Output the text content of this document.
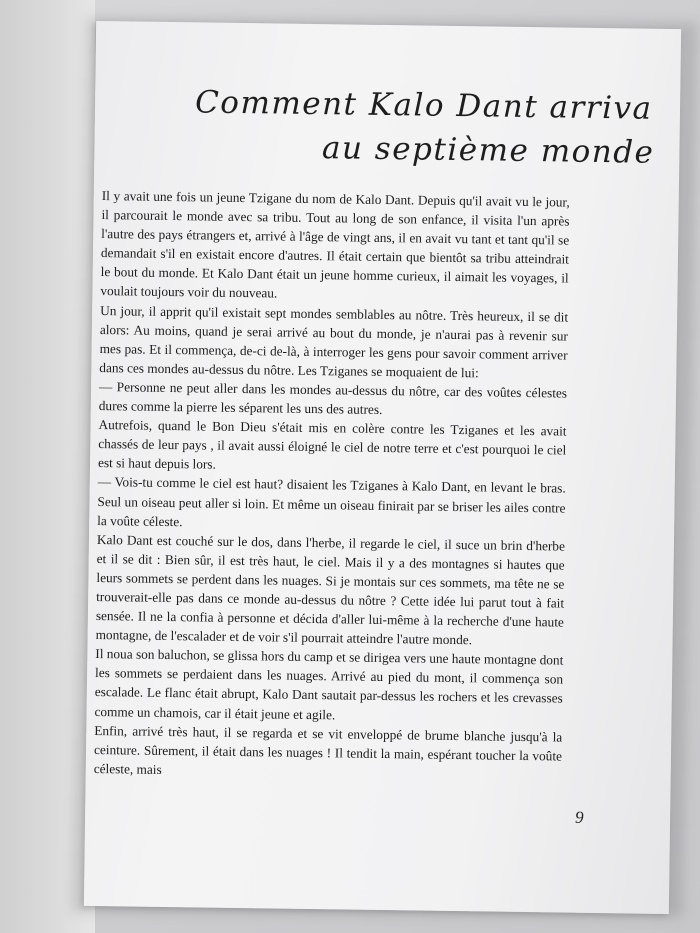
Comment Kalo Dant arriva
au septième monde

Il y avait une fois un jeune Tzigane du nom de Kalo Dant. Depuis qu'il avait vu le jour, il parcourait le monde avec sa tribu. Tout au long de son enfance, il visita l'un après l'autre des pays étrangers et, arrivé à l'âge de vingt ans, il en avait vu tant et tant qu'il se demandait s'il en existait encore d'autres. Il était certain que bientôt sa tribu atteindrait le bout du monde. Et Kalo Dant était un jeune homme curieux, il aimait les voyages, il voulait toujours voir du nouveau.

Un jour, il apprit qu'il existait sept mondes semblables au nôtre. Très heureux, il se dit alors: Au moins, quand je serai arrivé au bout du monde, je n'aurai pas à revenir sur mes pas. Et il commença, de-ci de-là, à interroger les gens pour savoir comment arriver dans ces mondes au-dessus du nôtre. Les Tziganes se moquaient de lui:

— Personne ne peut aller dans les mondes au-dessus du nôtre, car des voûtes célestes dures comme la pierre les séparent les uns des autres.

Autrefois, quand le Bon Dieu s'était mis en colère contre les Tziganes et les avait chassés de leur pays , il avait aussi éloigné le ciel de notre terre et c'est pourquoi le ciel est si haut depuis lors.

— Vois-tu comme le ciel est haut? disaient les Tziganes à Kalo Dant, en levant le bras. Seul un oiseau peut aller si loin. Et même un oiseau finirait par se briser les ailes contre la voûte céleste.

Kalo Dant est couché sur le dos, dans l'herbe, il regarde le ciel, il suce un brin d'herbe et il se dit : Bien sûr, il est très haut, le ciel. Mais il y a des montagnes si hautes que leurs sommets se perdent dans les nuages. Si je montais sur ces sommets, ma tête ne se trouverait-elle pas dans ce monde au-dessus du nôtre ? Cette idée lui parut tout à fait sensée. Il ne la confia à personne et décida d'aller lui-même à la recherche d'une haute montagne, de l'escalader et de voir s'il pourrait atteindre l'autre monde.

Il noua son baluchon, se glissa hors du camp et se dirigea vers une haute montagne dont les sommets se perdaient dans les nuages. Arrivé au pied du mont, il commença son escalade. Le flanc était abrupt, Kalo Dant sautait par-dessus les rochers et les crevasses comme un chamois, car il était jeune et agile.

Enfin, arrivé très haut, il se regarda et se vit enveloppé de brume blanche jusqu'à la ceinture. Sûrement, il était dans les nuages ! Il tendit la main, espérant toucher la voûte céleste, mais

9
